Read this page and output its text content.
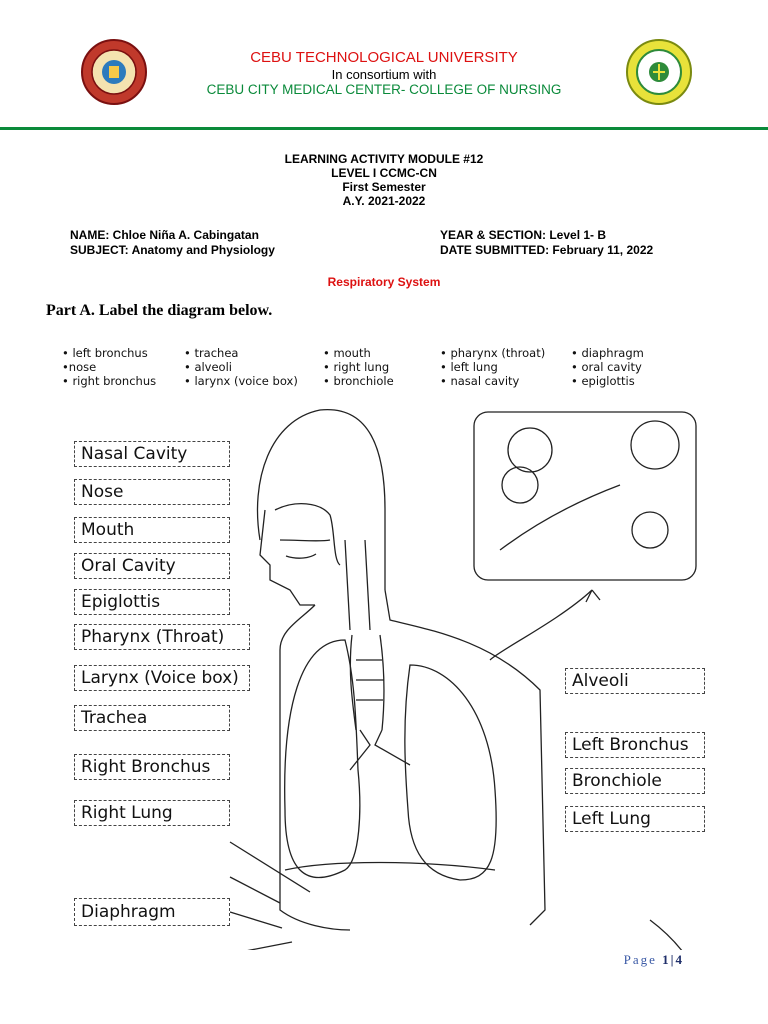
CEBU TECHNOLOGICAL UNIVERSITY
In consortium with
CEBU CITY MEDICAL CENTER- COLLEGE OF NURSING
LEARNING ACTIVITY MODULE #12
LEVEL I CCMC-CN
First Semester
A.Y. 2021-2022
NAME: Chloe Niña A. Cabingatan
SUBJECT: Anatomy and Physiology
YEAR & SECTION: Level 1- B
DATE SUBMITTED: February 11, 2022
Respiratory System
Part A. Label the diagram below.
• left bronchus
•nose
• right bronchus
• trachea
• alveoli
• larynx (voice box)
• mouth
• right lung
• bronchiole
• pharynx (throat)
• left lung
• nasal cavity
• diaphragm
• oral cavity
• epiglottis
Nasal Cavity
Nose
Mouth
Oral Cavity
Epiglottis
Pharynx (Throat)
Larynx (Voice box)
Trachea
Right Bronchus
Right Lung
Diaphragm
Alveoli
Left Bronchus
Bronchiole
Left Lung
Page 1|4
